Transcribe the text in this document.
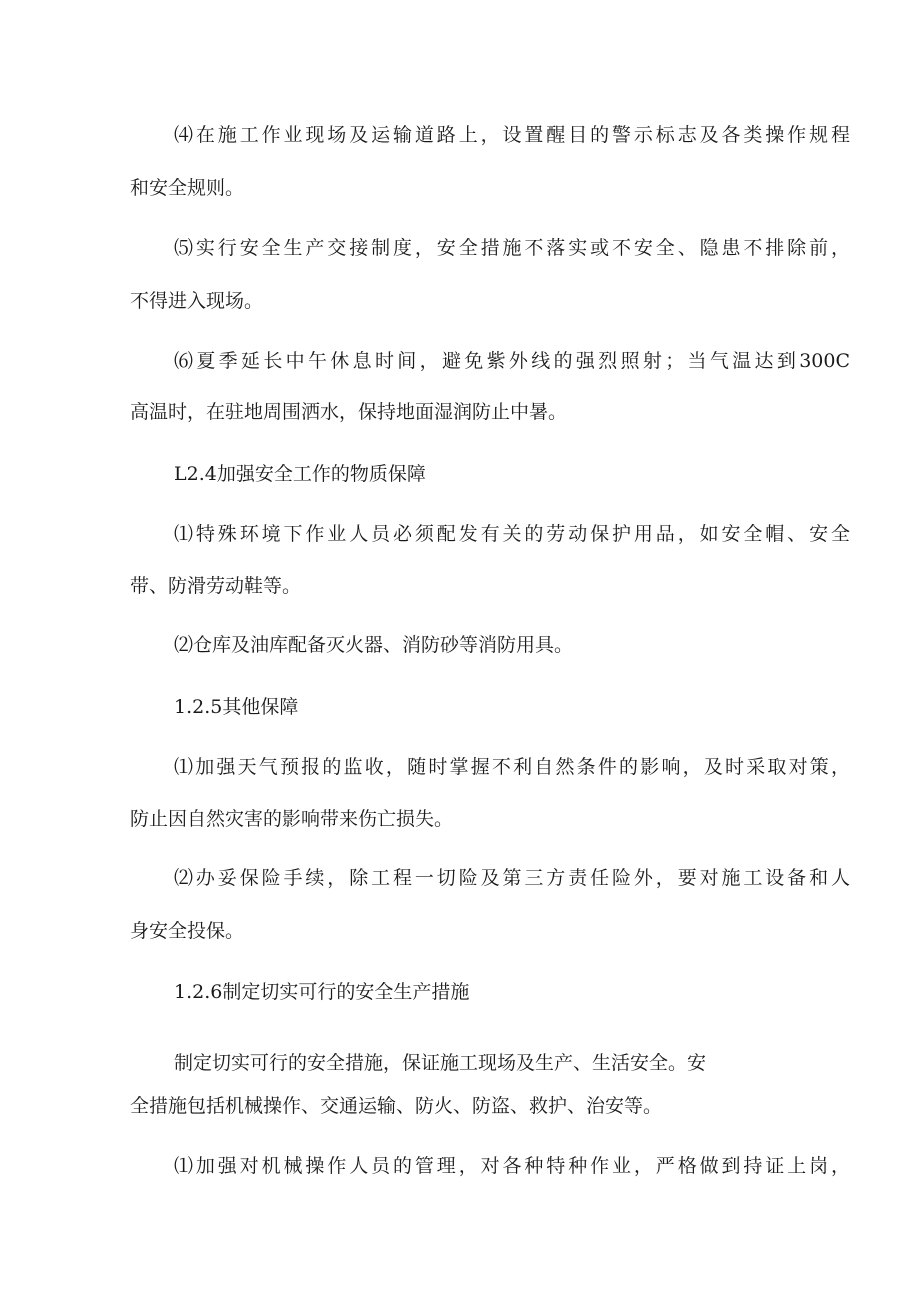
⑷在施工作业现场及运输道路上，设置醒目的警示标志及各类操作规程
和安全规则。
⑸实行安全生产交接制度，安全措施不落实或不安全、隐患不排除前，
不得进入现场。
⑹夏季延长中午休息时间，避免紫外线的强烈照射；当气温达到300C
高温时，在驻地周围洒水，保持地面湿润防止中暑。
L2.4加强安全工作的物质保障
⑴特殊环境下作业人员必须配发有关的劳动保护用品，如安全帽、安全
带、防滑劳动鞋等。
⑵仓库及油库配备灭火器、消防砂等消防用具。
1.2.5其他保障
⑴加强天气预报的监收，随时掌握不利自然条件的影响，及时采取对策，
防止因自然灾害的影响带来伤亡损失。
⑵办妥保险手续，除工程一切险及第三方责任险外，要对施工设备和人
身安全投保。
1.2.6制定切实可行的安全生产措施
制定切实可行的安全措施，保证施工现场及生产、生活安全。安
全措施包括机械操作、交通运输、防火、防盗、救护、治安等。
⑴加强对机械操作人员的管理，对各种特种作业，严格做到持证上岗，
